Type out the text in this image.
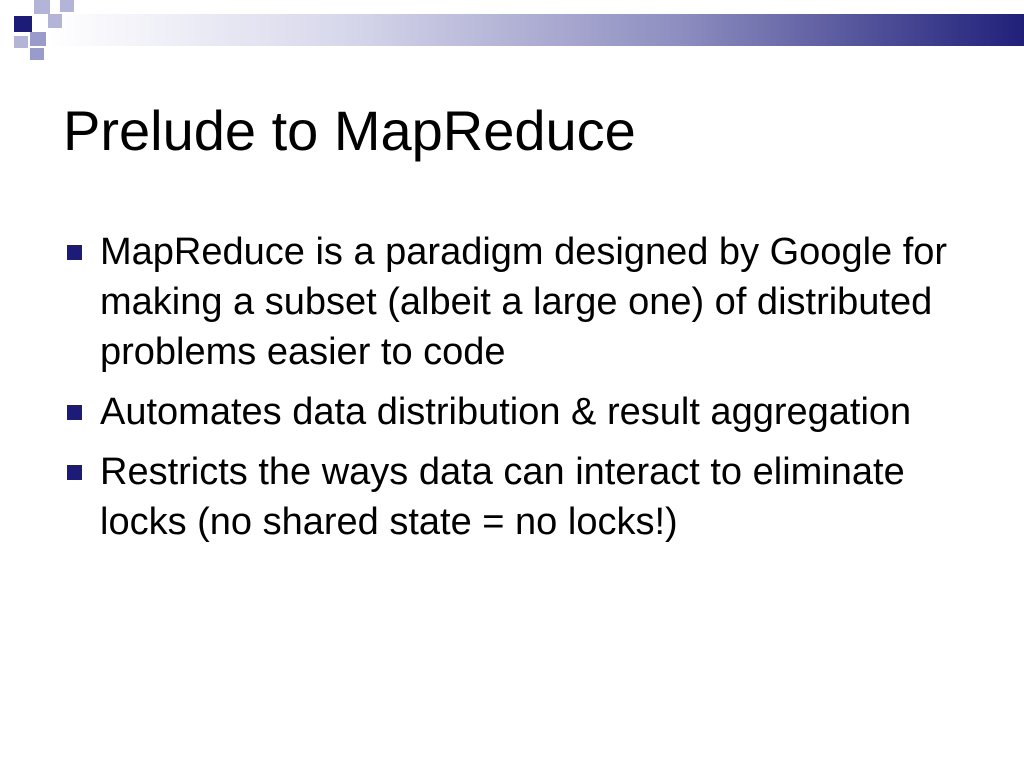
Prelude to MapReduce
MapReduce is a paradigm designed by Google for making a subset (albeit a large one) of distributed problems easier to code
Automates data distribution & result aggregation
Restricts the ways data can interact to eliminate locks (no shared state = no locks!)
